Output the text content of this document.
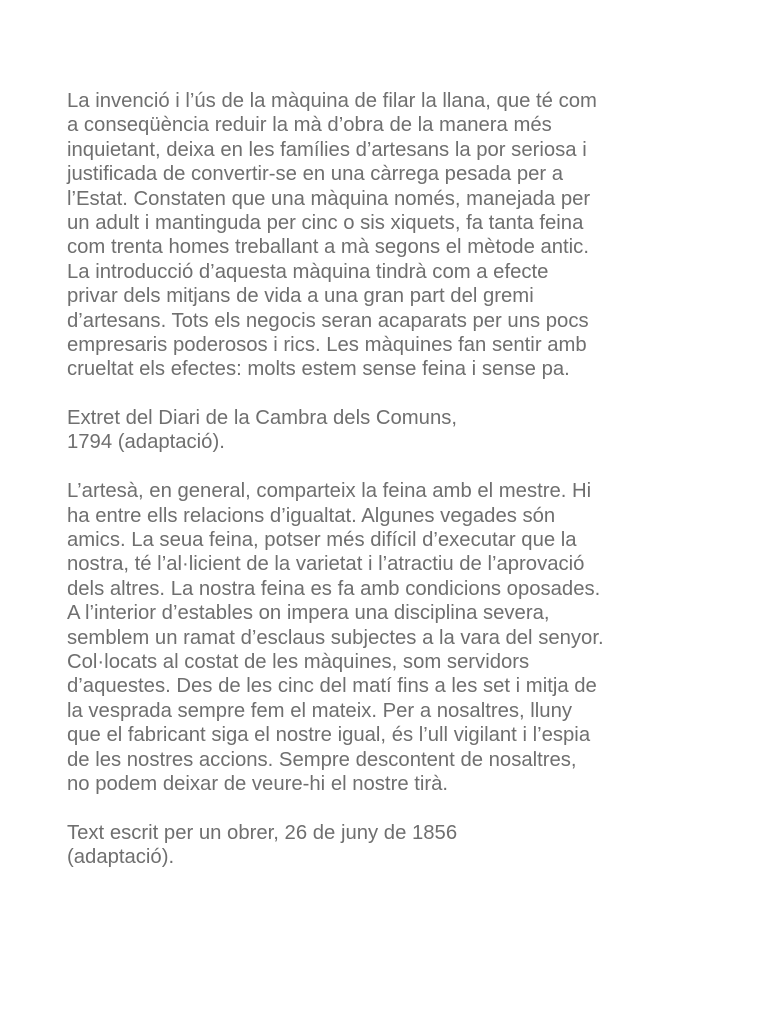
La invenció i l’ús de la màquina de filar la llana, que té com
a conseqüència reduir la mà d’obra de la manera més
inquietant, deixa en les famílies d’artesans la por seriosa i
justificada de convertir-se en una càrrega pesada per a
l’Estat. Constaten que una màquina només, manejada per
un adult i mantinguda per cinc o sis xiquets, fa tanta feina
com trenta homes treballant a mà segons el mètode antic.
La introducció d’aquesta màquina tindrà com a efecte
privar dels mitjans de vida a una gran part del gremi
d’artesans. Tots els negocis seran acaparats per uns pocs
empresaris poderosos i rics. Les màquines fan sentir amb
crueltat els efectes: molts estem sense feina i sense pa.

Extret del Diari de la Cambra dels Comuns,
1794 (adaptació).

L’artesà, en general, comparteix la feina amb el mestre. Hi
ha entre ells relacions d’igualtat. Algunes vegades són
amics. La seua feina, potser més difícil d’executar que la
nostra, té l’al·licient de la varietat i l’atractiu de l’aprovació
dels altres. La nostra feina es fa amb condicions oposades.
A l’interior d’estables on impera una disciplina severa,
semblem un ramat d’esclaus subjectes a la vara del senyor.
Col·locats al costat de les màquines, som servidors
d’aquestes. Des de les cinc del matí fins a les set i mitja de
la vesprada sempre fem el mateix. Per a nosaltres, lluny
que el fabricant siga el nostre igual, és l’ull vigilant i l’espia
de les nostres accions. Sempre descontent de nosaltres,
no podem deixar de veure-hi el nostre tirà.

Text escrit per un obrer, 26 de juny de 1856
(adaptació).
